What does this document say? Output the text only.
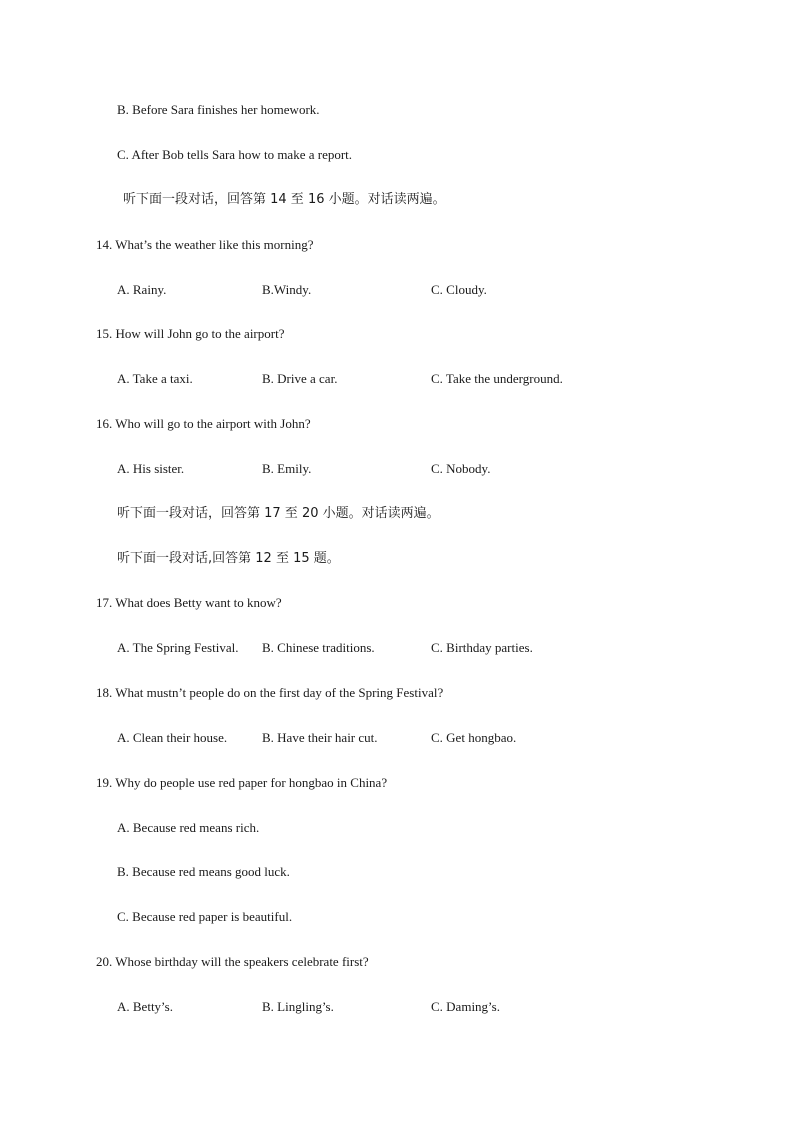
B. Before Sara finishes her homework.
C. After Bob tells Sara how to make a report.
听下面一段对话，回答第 14 至 16 小题。对话读两遍。
14. What’s the weather like this morning?
A. Rainy.	B.Windy.	C. Cloudy.
15. How will John go to the airport?
A. Take a taxi.	B. Drive a car.	C. Take the underground.
16. Who will go to the airport with John?
A. His sister.	B. Emily.	C. Nobody.
听下面一段对话，回答第 17 至 20 小题。对话读两遍。
听下面一段对话,回答第 12 至 15 题。
17. What does Betty want to know?
A. The Spring Festival. B. Chinese traditions.	C. Birthday parties.
18. What mustn’t people do on the first day of the Spring Festival?
A. Clean their house.	B. Have their hair cut.	C. Get hongbao.
19. Why do people use red paper for hongbao in China?
A. Because red means rich.
B. Because red means good luck.
C. Because red paper is beautiful.
20. Whose birthday will the speakers celebrate first?
A. Betty’s.	B. Lingling’s.	C. Daming’s.
